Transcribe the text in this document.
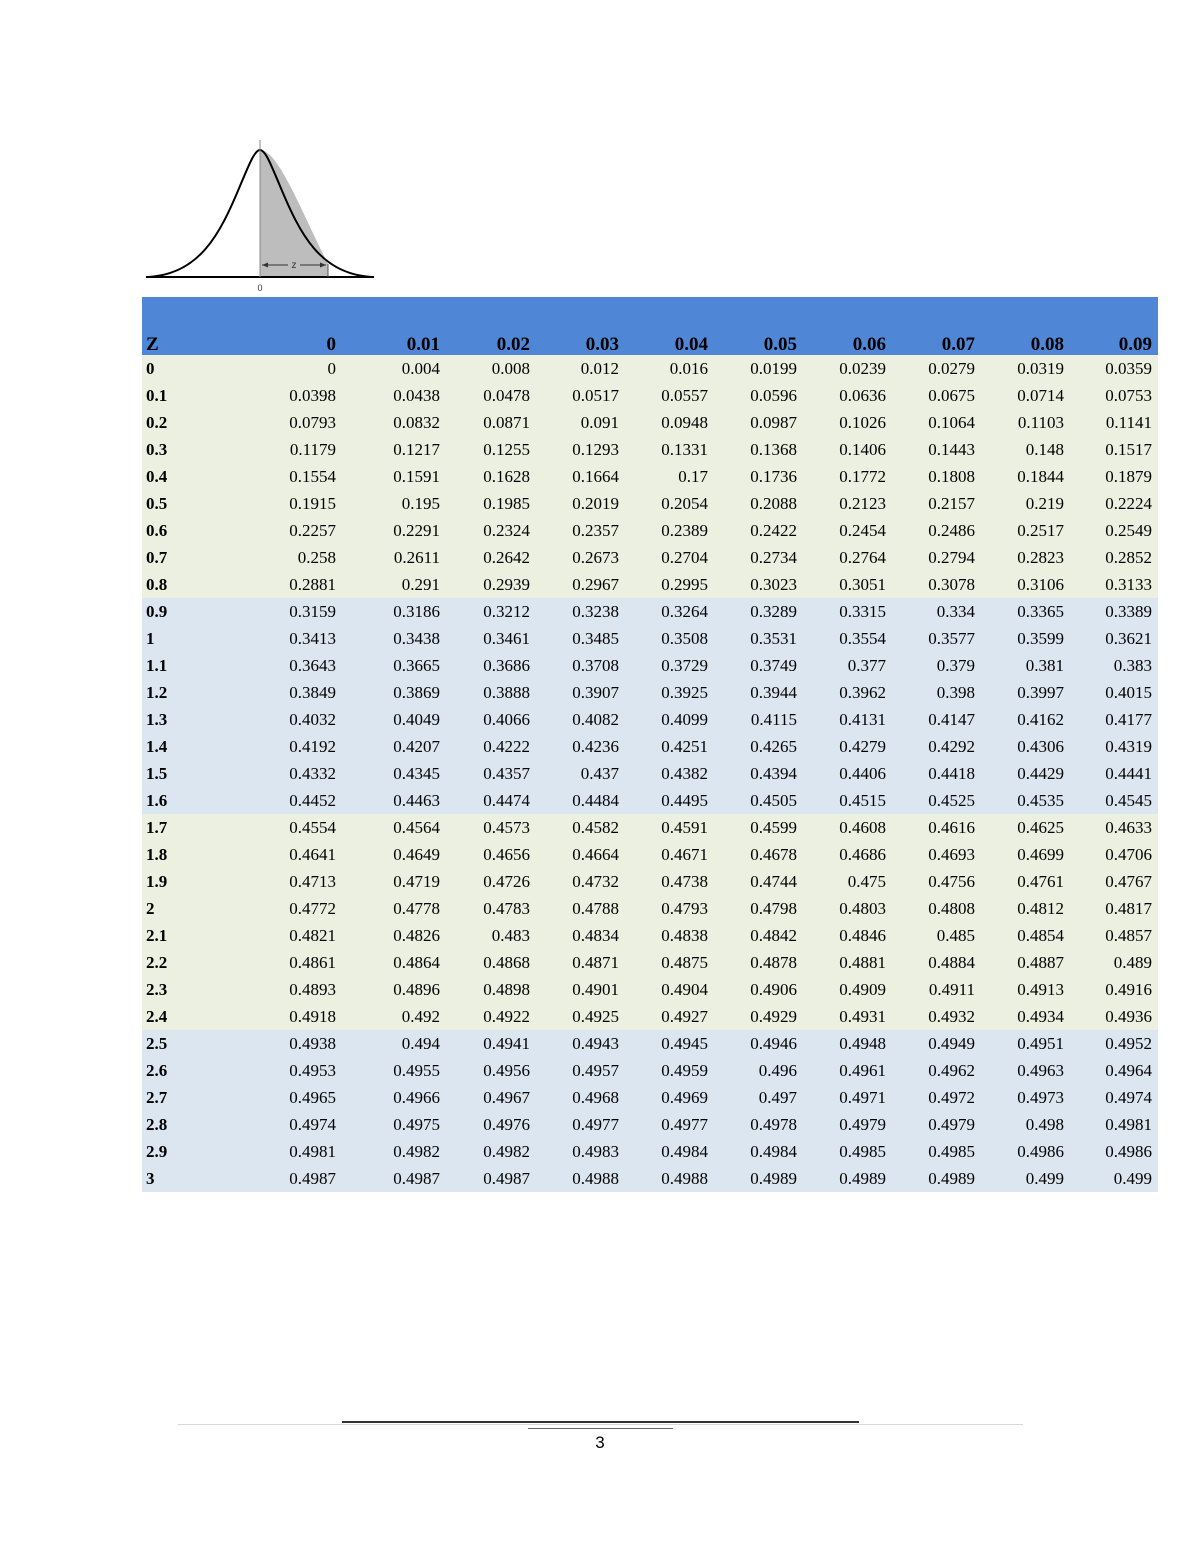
z
0
Z	0	0.01	0.02	0.03	0.04	0.05	0.06	0.07	0.08	0.09
0	0	0.004	0.008	0.012	0.016	0.0199	0.0239	0.0279	0.0319	0.0359
0.1	0.0398	0.0438	0.0478	0.0517	0.0557	0.0596	0.0636	0.0675	0.0714	0.0753
0.2	0.0793	0.0832	0.0871	0.091	0.0948	0.0987	0.1026	0.1064	0.1103	0.1141
0.3	0.1179	0.1217	0.1255	0.1293	0.1331	0.1368	0.1406	0.1443	0.148	0.1517
0.4	0.1554	0.1591	0.1628	0.1664	0.17	0.1736	0.1772	0.1808	0.1844	0.1879
0.5	0.1915	0.195	0.1985	0.2019	0.2054	0.2088	0.2123	0.2157	0.219	0.2224
0.6	0.2257	0.2291	0.2324	0.2357	0.2389	0.2422	0.2454	0.2486	0.2517	0.2549
0.7	0.258	0.2611	0.2642	0.2673	0.2704	0.2734	0.2764	0.2794	0.2823	0.2852
0.8	0.2881	0.291	0.2939	0.2967	0.2995	0.3023	0.3051	0.3078	0.3106	0.3133
0.9	0.3159	0.3186	0.3212	0.3238	0.3264	0.3289	0.3315	0.334	0.3365	0.3389
1	0.3413	0.3438	0.3461	0.3485	0.3508	0.3531	0.3554	0.3577	0.3599	0.3621
1.1	0.3643	0.3665	0.3686	0.3708	0.3729	0.3749	0.377	0.379	0.381	0.383
1.2	0.3849	0.3869	0.3888	0.3907	0.3925	0.3944	0.3962	0.398	0.3997	0.4015
1.3	0.4032	0.4049	0.4066	0.4082	0.4099	0.4115	0.4131	0.4147	0.4162	0.4177
1.4	0.4192	0.4207	0.4222	0.4236	0.4251	0.4265	0.4279	0.4292	0.4306	0.4319
1.5	0.4332	0.4345	0.4357	0.437	0.4382	0.4394	0.4406	0.4418	0.4429	0.4441
1.6	0.4452	0.4463	0.4474	0.4484	0.4495	0.4505	0.4515	0.4525	0.4535	0.4545
1.7	0.4554	0.4564	0.4573	0.4582	0.4591	0.4599	0.4608	0.4616	0.4625	0.4633
1.8	0.4641	0.4649	0.4656	0.4664	0.4671	0.4678	0.4686	0.4693	0.4699	0.4706
1.9	0.4713	0.4719	0.4726	0.4732	0.4738	0.4744	0.475	0.4756	0.4761	0.4767
2	0.4772	0.4778	0.4783	0.4788	0.4793	0.4798	0.4803	0.4808	0.4812	0.4817
2.1	0.4821	0.4826	0.483	0.4834	0.4838	0.4842	0.4846	0.485	0.4854	0.4857
2.2	0.4861	0.4864	0.4868	0.4871	0.4875	0.4878	0.4881	0.4884	0.4887	0.489
2.3	0.4893	0.4896	0.4898	0.4901	0.4904	0.4906	0.4909	0.4911	0.4913	0.4916
2.4	0.4918	0.492	0.4922	0.4925	0.4927	0.4929	0.4931	0.4932	0.4934	0.4936
2.5	0.4938	0.494	0.4941	0.4943	0.4945	0.4946	0.4948	0.4949	0.4951	0.4952
2.6	0.4953	0.4955	0.4956	0.4957	0.4959	0.496	0.4961	0.4962	0.4963	0.4964
2.7	0.4965	0.4966	0.4967	0.4968	0.4969	0.497	0.4971	0.4972	0.4973	0.4974
2.8	0.4974	0.4975	0.4976	0.4977	0.4977	0.4978	0.4979	0.4979	0.498	0.4981
2.9	0.4981	0.4982	0.4982	0.4983	0.4984	0.4984	0.4985	0.4985	0.4986	0.4986
3	0.4987	0.4987	0.4987	0.4988	0.4988	0.4989	0.4989	0.4989	0.499	0.499
3
